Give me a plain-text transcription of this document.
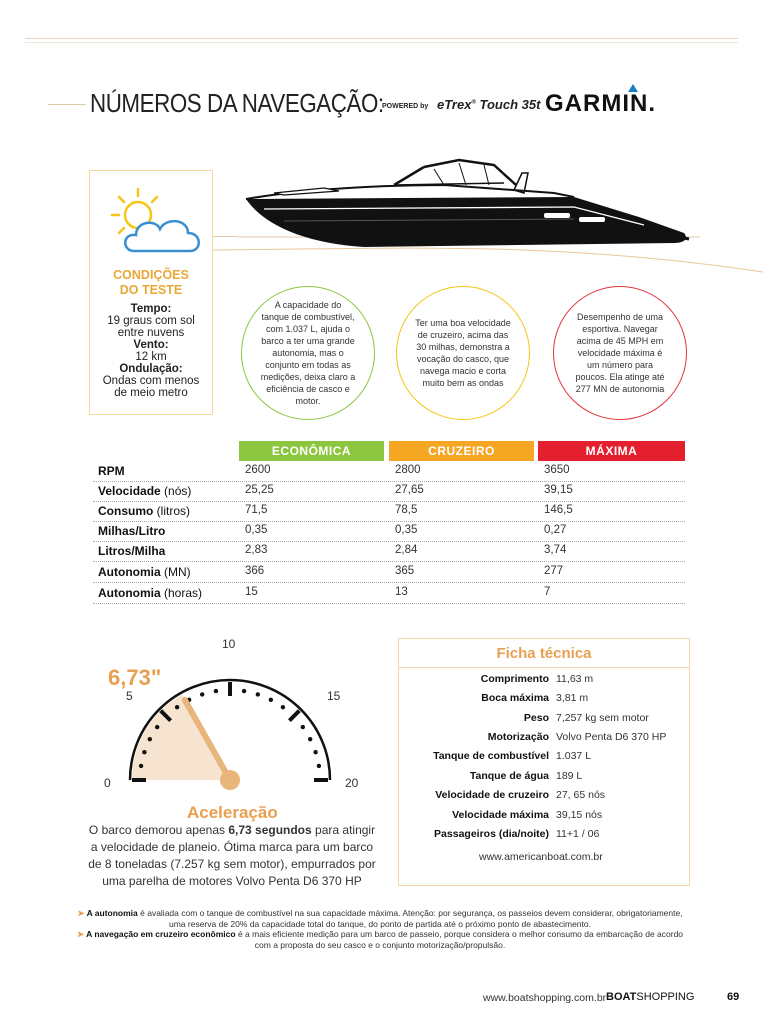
NÚMEROS DA NAVEGAÇÃO:
POWERED by eTrex® Touch 35t GARMIN.
CONDIÇÕES
DO TESTE
Tempo:
19 graus com sol entre nuvens
Vento:
12 km
Ondulação:
Ondas com menos de meio metro
A capacidade do tanque de combustível, com 1.037 L, ajuda o barco a ter uma grande autonomia, mas o conjunto em todas as medições, deixa claro a eficiência de casco e motor.
Ter uma boa velocidade de cruzeiro, acima das 30 milhas, demonstra a vocação do casco, que navega macio e corta muito bem as ondas
Desempenho de uma esportiva. Navegar acima de 45 MPH em velocidade máxima é um número para poucos. Ela atinge até 277 MN de autonomia
ECONÔMICA	CRUZEIRO	MÁXIMA
RPM	2600	2800	3650
Velocidade (nós)	25,25	27,65	39,15
Consumo (litros)	71,5	78,5	146,5
Milhas/Litro	0,35	0,35	0,27
Litros/Milha	2,83	2,84	3,74
Autonomia (MN)	366	365	277
Autonomia (horas)	15	13	7
0
5
10
15
20
6,73"
Aceleração
O barco demorou apenas 6,73 segundos para atingir a velocidade de planeio. Ótima marca para um barco de 8 toneladas (7.257 kg sem motor), empurrados por uma parelha de motores Volvo Penta D6 370 HP
Ficha técnica
Comprimento 11,63 m
Boca máxima 3,81 m
Peso 7,257 kg sem motor
Motorização Volvo Penta D6 370 HP
Tanque de combustível 1.037 L
Tanque de água 189 L
Velocidade de cruzeiro 27, 65 nós
Velocidade máxima 39,15 nós
Passageiros (dia/noite) 11+1 / 06
www.americanboat.com.br
➤ A autonomia é avaliada com o tanque de combustível na sua capacidade máxima. Atenção: por segurança, os passeios devem considerar, obrigatoriamente, uma reserva de 20% da capacidade total do tanque, do ponto de partida até o próximo ponto de abastecimento.
➤ A navegação em cruzeiro econômico é a mais eficiente medição para um barco de passeio, porque considera o melhor consumo da embarcação de acordo com a proposta do seu casco e o conjunto motorização/propulsão.
www.boatshopping.com.br BOATSHOPPING	69
